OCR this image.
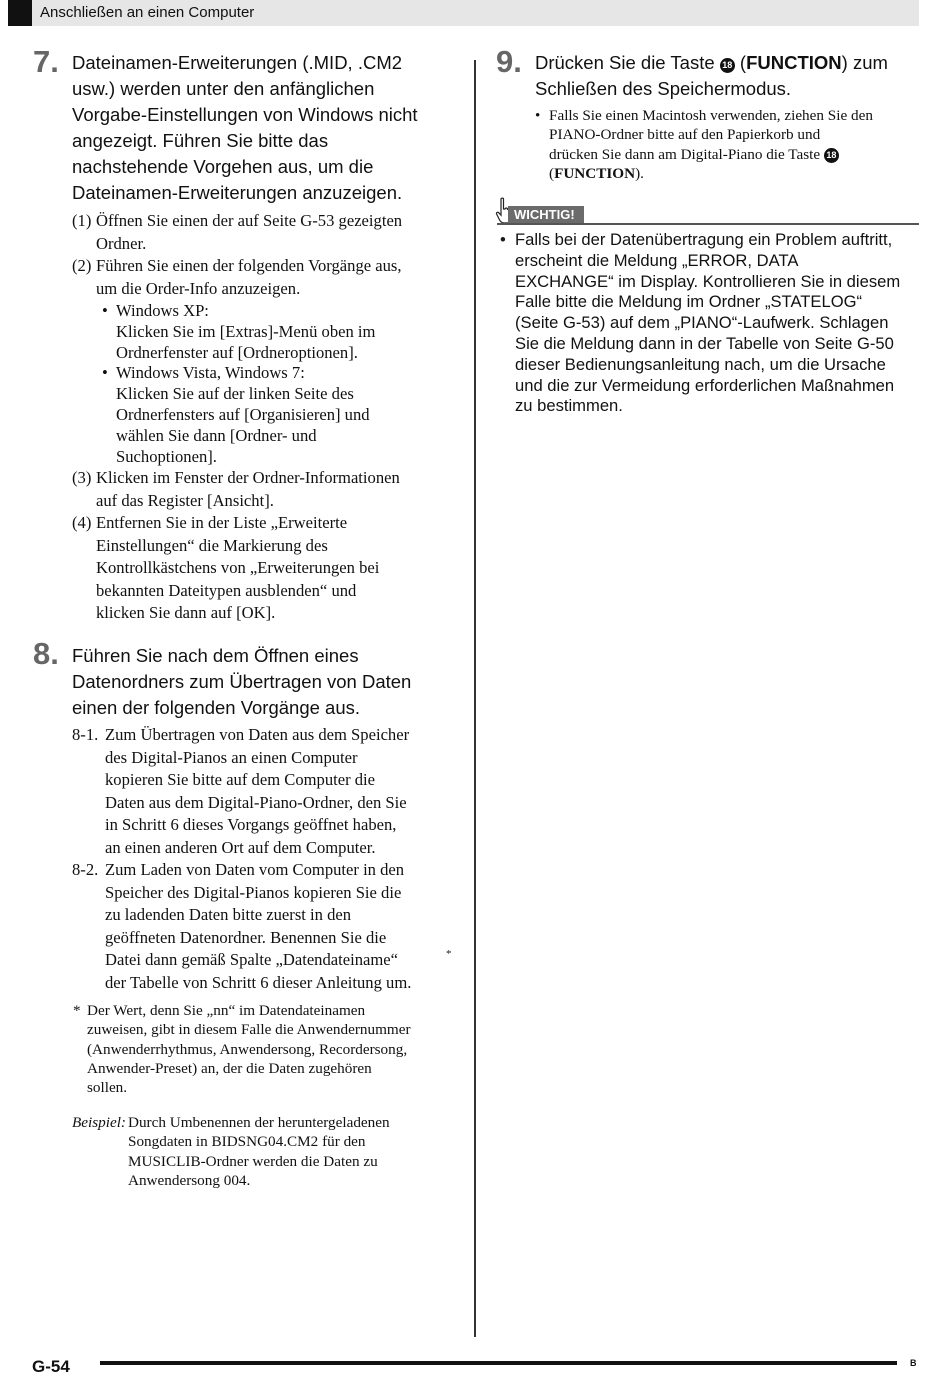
Anschließen an einen Computer
7. Dateinamen-Erweiterungen (.MID, .CM2
usw.) werden unter den anfänglichen
Vorgabe-Einstellungen von Windows nicht
angezeigt. Führen Sie bitte das
nachstehende Vorgehen aus, um die
Dateinamen-Erweiterungen anzuzeigen.
(1) Öffnen Sie einen der auf Seite G-53 gezeigten
Ordner.
(2) Führen Sie einen der folgenden Vorgänge aus,
um die Order-Info anzuzeigen.
• Windows XP:
Klicken Sie im [Extras]-Menü oben im
Ordnerfenster auf [Ordneroptionen].
• Windows Vista, Windows 7:
Klicken Sie auf der linken Seite des
Ordnerfensters auf [Organisieren] und
wählen Sie dann [Ordner- und
Suchoptionen].
(3) Klicken im Fenster der Ordner-Informationen
auf das Register [Ansicht].
(4) Entfernen Sie in der Liste „Erweiterte
Einstellungen“ die Markierung des
Kontrollkästchens von „Erweiterungen bei
bekannten Dateitypen ausblenden“ und
klicken Sie dann auf [OK].
8. Führen Sie nach dem Öffnen eines
Datenordners zum Übertragen von Daten
einen der folgenden Vorgänge aus.
8-1. Zum Übertragen von Daten aus dem Speicher
des Digital-Pianos an einen Computer
kopieren Sie bitte auf dem Computer die
Daten aus dem Digital-Piano-Ordner, den Sie
in Schritt 6 dieses Vorgangs geöffnet haben,
an einen anderen Ort auf dem Computer.
8-2. Zum Laden von Daten vom Computer in den
Speicher des Digital-Pianos kopieren Sie die
zu ladenden Daten bitte zuerst in den
geöffneten Datenordner. Benennen Sie die
Datei dann gemäß Spalte „Datendateiname“
der Tabelle von Schritt 6 dieser Anleitung um.
*
* Der Wert, denn Sie „nn“ im Datendateinamen
zuweisen, gibt in diesem Falle die Anwendernummer
(Anwenderrhythmus, Anwendersong, Recordersong,
Anwender-Preset) an, der die Daten zugehören
sollen.
Beispiel: Durch Umbenennen der heruntergeladenen
Songdaten in BIDSNG04.CM2 für den
MUSICLIB-Ordner werden die Daten zu
Anwendersong 004.
9. Drücken Sie die Taste 18 (FUNCTION) zum
Schließen des Speichermodus.
• Falls Sie einen Macintosh verwenden, ziehen Sie den
PIANO-Ordner bitte auf den Papierkorb und
drücken Sie dann am Digital-Piano die Taste 18
(FUNCTION).
WICHTIG!
• Falls bei der Datenübertragung ein Problem auftritt,
erscheint die Meldung „ERROR, DATA
EXCHANGE“ im Display. Kontrollieren Sie in diesem
Falle bitte die Meldung im Ordner „STATELOG“
(Seite G-53) auf dem „PIANO“-Laufwerk. Schlagen
Sie die Meldung dann in der Tabelle von Seite G-50
dieser Bedienungsanleitung nach, um die Ursache
und die zur Vermeidung erforderlichen Maßnahmen
zu bestimmen.
G-54	B
